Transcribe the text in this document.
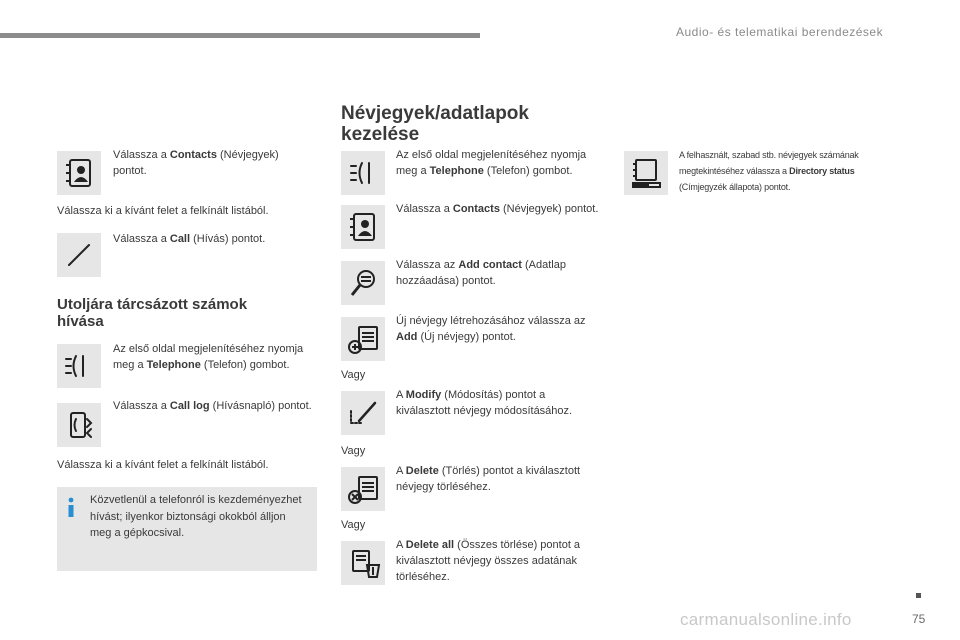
Audio- és telematikai berendezések
Válassza a Contacts (Névjegyek) pontot.
Válassza ki a kívánt felet a felkínált listából.
Válassza a Call (Hívás) pontot.
Utoljára tárcsázott számok
hívása
Az első oldal megjelenítéséhez nyomja meg a Telephone (Telefon) gombot.
Válassza a Call log (Hívásnapló) pontot.
Válassza ki a kívánt felet a felkínált listából.
Közvetlenül a telefonról is kezdeményezhet hívást; ilyenkor biztonsági okokból álljon meg a gépkocsival.
Névjegyek/adatlapok
kezelése
Az első oldal megjelenítéséhez nyomja meg a Telephone (Telefon) gombot.
Válassza a Contacts (Névjegyek) pontot.
Válassza az Add contact (Adatlap hozzáadása) pontot.
Új névjegy létrehozásához válassza az Add (Új névjegy) pontot.
Vagy
A Modify (Módosítás) pontot a kiválasztott névjegy módosításához.
Vagy
A Delete (Törlés) pontot a kiválasztott névjegy törléséhez.
Vagy
A Delete all (Összes törlése) pontot a kiválasztott névjegy összes adatának törléséhez.
A felhasznált, szabad stb. névjegyek számának megtekintéséhez válassza a Directory status (Címjegyzék állapota) pontot.
carmanualsonline.info	75
